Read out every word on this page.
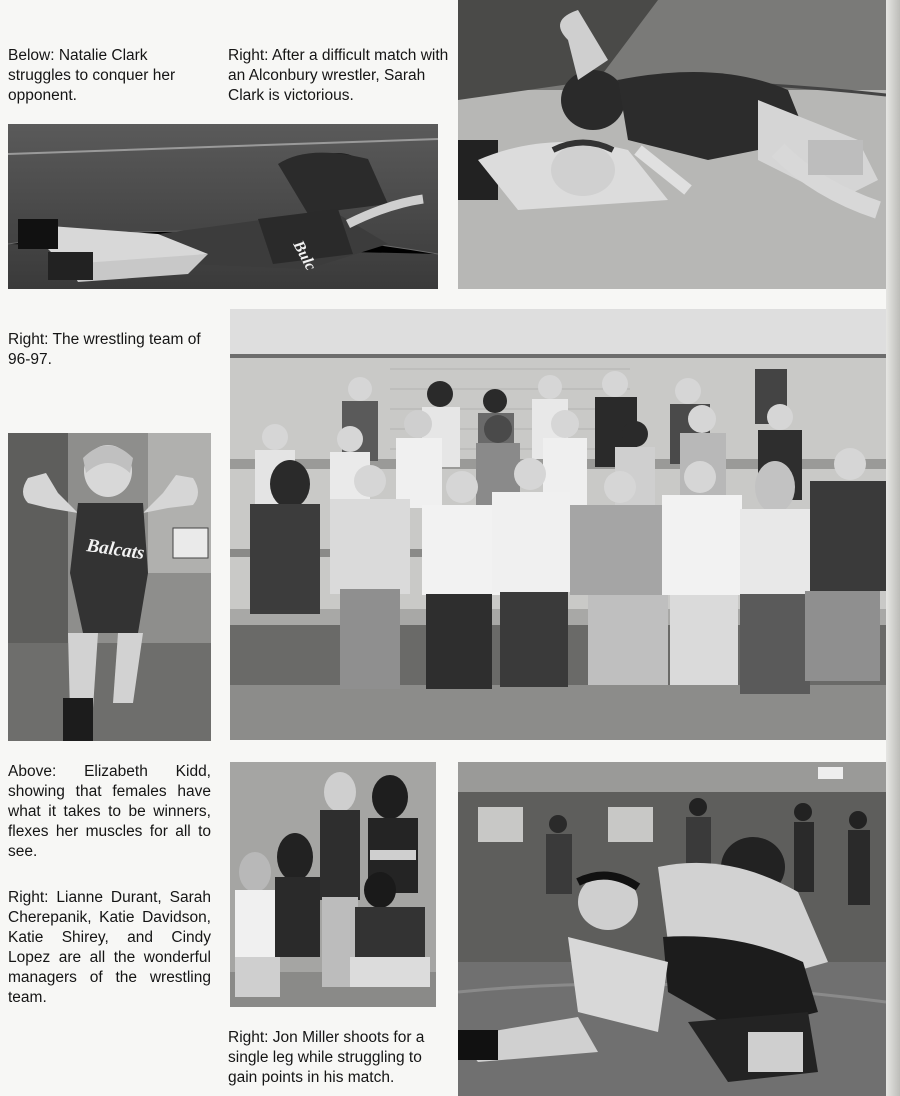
Below: Natalie Clark struggles to conquer her opponent.
Right: After a difficult match with an Alconbury wrestler, Sarah Clark is victorious.
Bulc
Right: The wrestling team of 96-97.
Balcats
Above: Elizabeth Kidd, showing that females have what it takes to be winners, flexes her muscles for all to see.
Right: Lianne Durant, Sarah Cherepanik, Katie Davidson, Katie Shirey, and Cindy Lopez are all the wonderful managers of the wrestling team.
Right: Jon Miller shoots for a single leg while struggling to gain points in his match.
